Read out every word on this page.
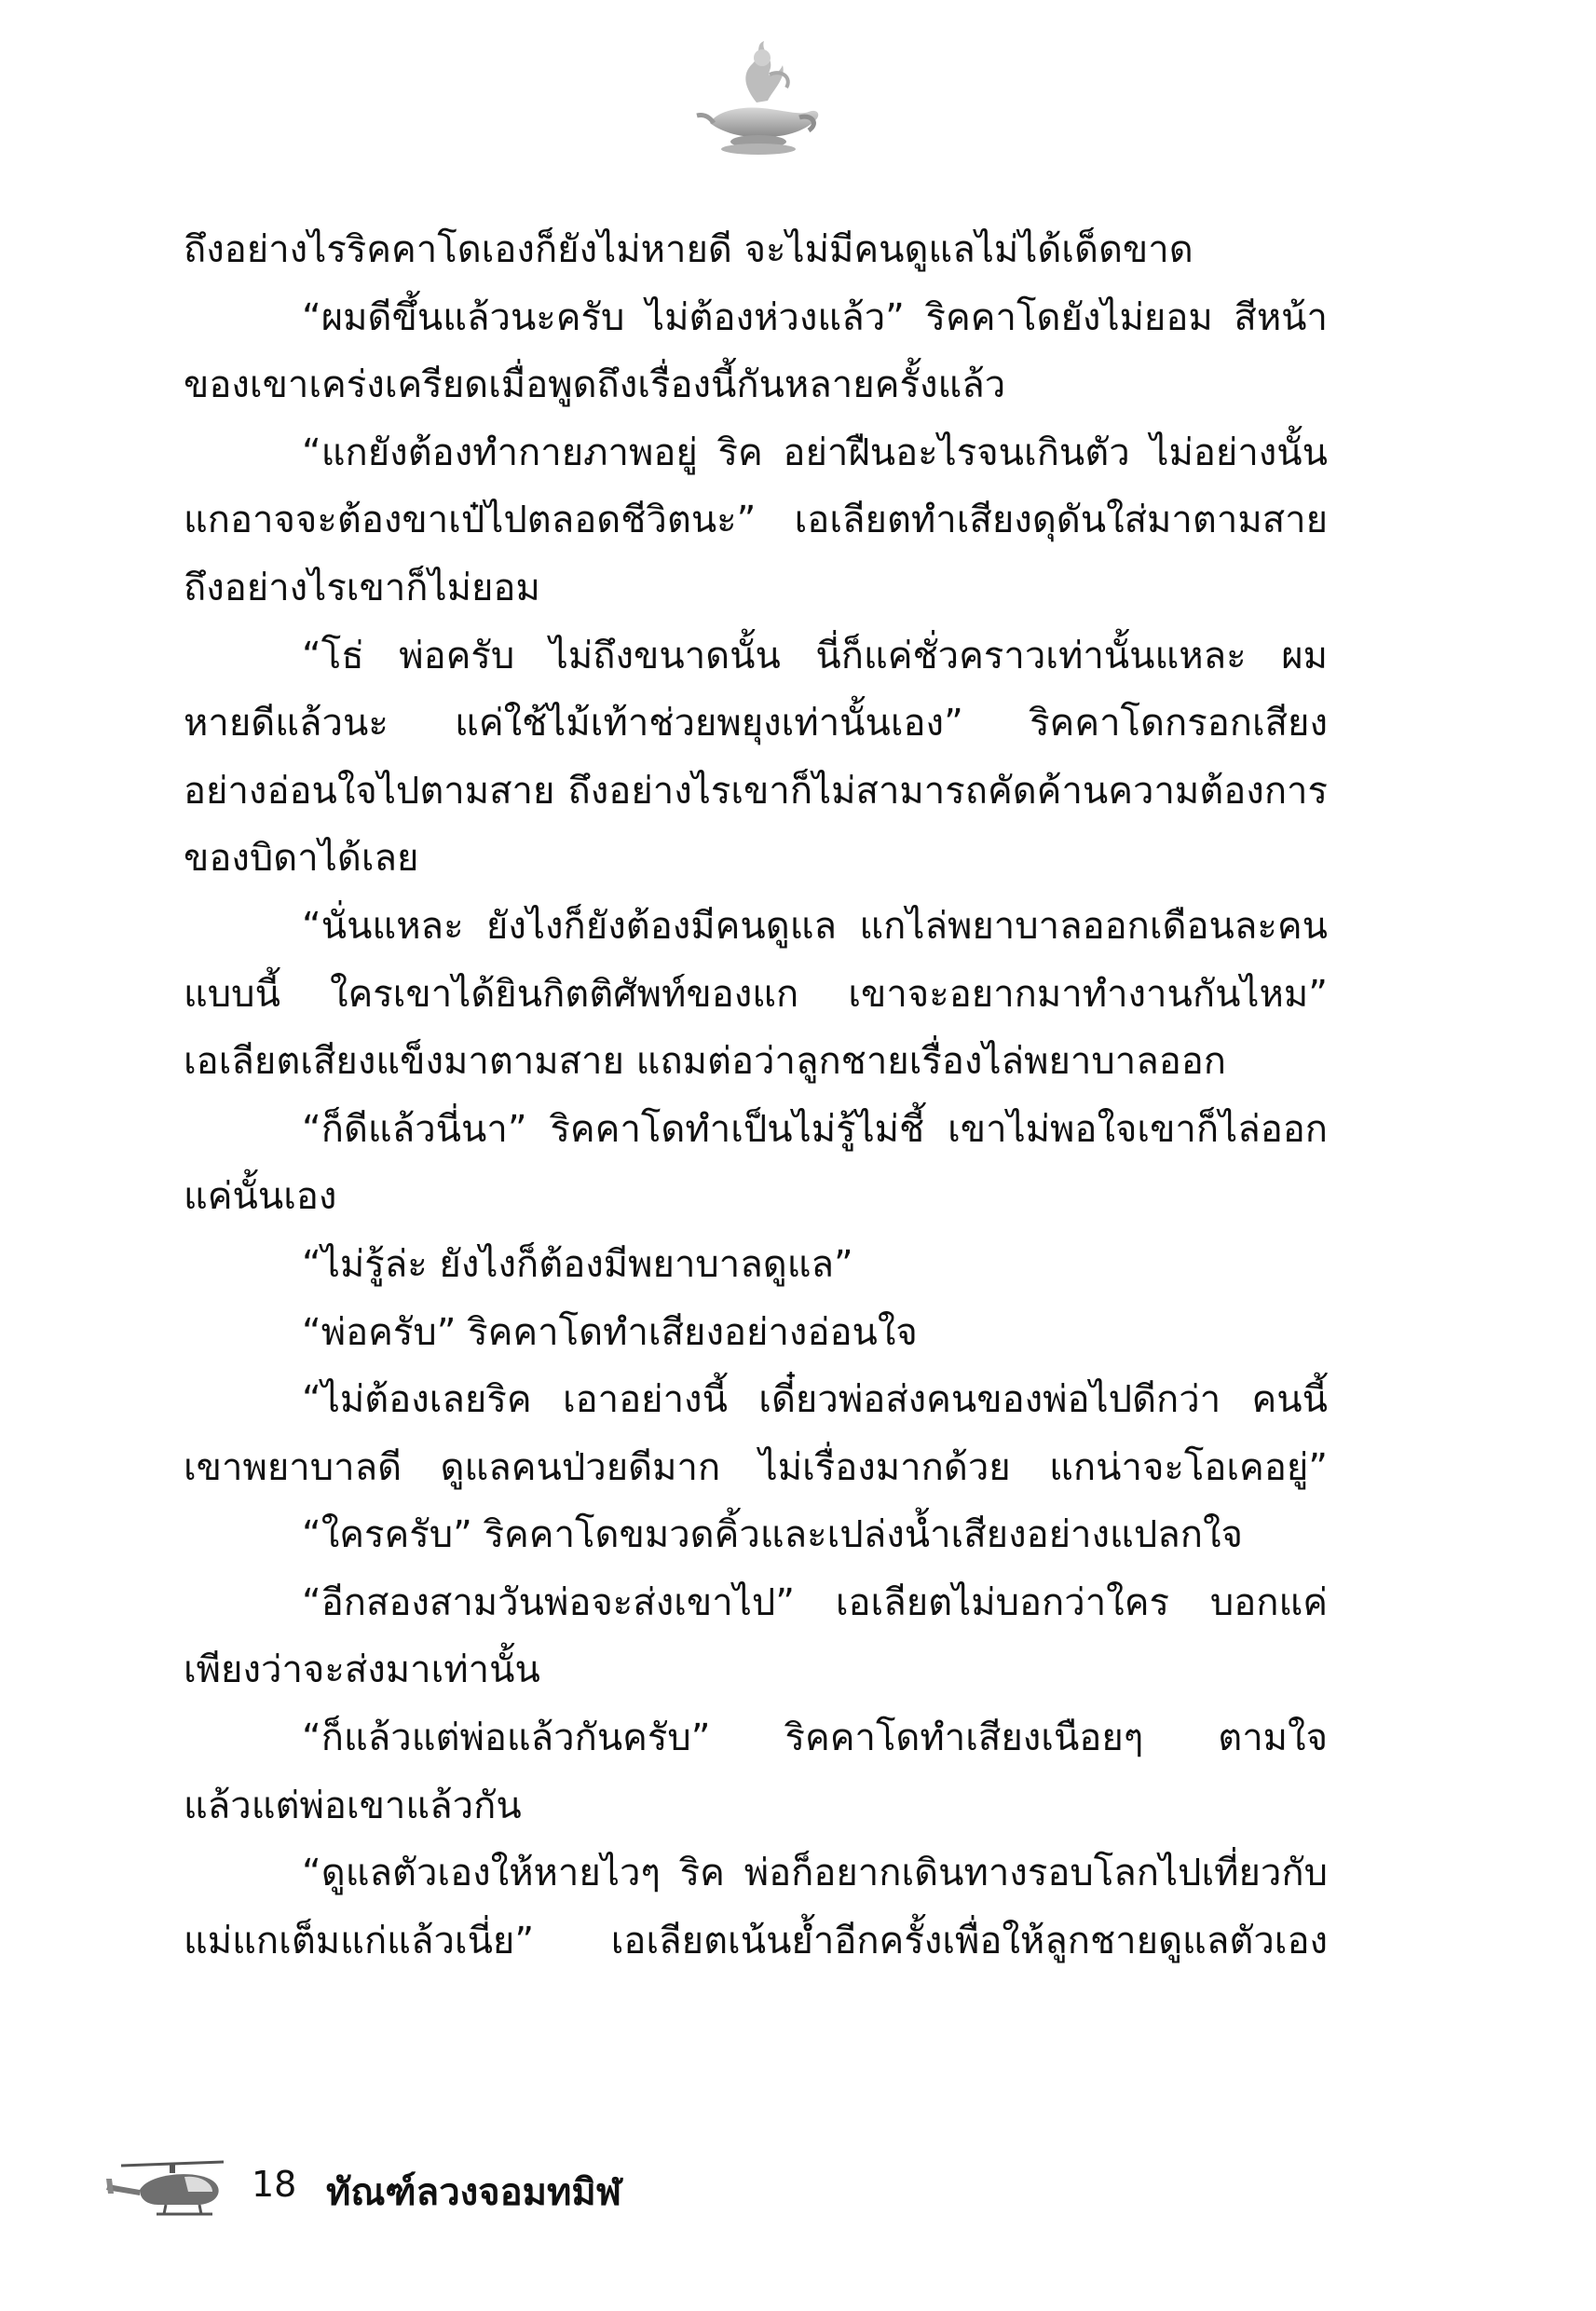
ถึงอย่างไรริคคาโดเองก็ยังไม่หายดี จะไม่มีคนดูแลไม่ได้เด็ดขาด
“ผมดีขึ้นแล้วนะครับ ไม่ต้องห่วงแล้ว” ริคคาโดยังไม่ยอม สีหน้า
ของเขาเคร่งเครียดเมื่อพูดถึงเรื่องนี้กันหลายครั้งแล้ว
“แกยังต้องทำกายภาพอยู่ ริค อย่าฝืนอะไรจนเกินตัว ไม่อย่างนั้น
แกอาจจะต้องขาเป๋ไปตลอดชีวิตนะ” เอเลียตทำเสียงดุดันใส่มาตามสาย
ถึงอย่างไรเขาก็ไม่ยอม
“โธ่ พ่อครับ ไม่ถึงขนาดนั้น นี่ก็แค่ชั่วคราวเท่านั้นแหละ ผม
หายดีแล้วนะ แค่ใช้ไม้เท้าช่วยพยุงเท่านั้นเอง” ริคคาโดกรอกเสียง
อย่างอ่อนใจไปตามสาย ถึงอย่างไรเขาก็ไม่สามารถคัดค้านความต้องการ
ของบิดาได้เลย
“นั่นแหละ ยังไงก็ยังต้องมีคนดูแล แกไล่พยาบาลออกเดือนละคน
แบบนี้ ใครเขาได้ยินกิตติศัพท์ของแก เขาจะอยากมาทำงานกันไหม”
เอเลียตเสียงแข็งมาตามสาย แถมต่อว่าลูกชายเรื่องไล่พยาบาลออก
“ก็ดีแล้วนี่นา” ริคคาโดทำเป็นไม่รู้ไม่ชี้ เขาไม่พอใจเขาก็ไล่ออก
แค่นั้นเอง
“ไม่รู้ล่ะ ยังไงก็ต้องมีพยาบาลดูแล”
“พ่อครับ” ริคคาโดทำเสียงอย่างอ่อนใจ
“ไม่ต้องเลยริค เอาอย่างนี้ เดี๋ยวพ่อส่งคนของพ่อไปดีกว่า คนนี้
เขาพยาบาลดี ดูแลคนป่วยดีมาก ไม่เรื่องมากด้วย แกน่าจะโอเคอยู่”
“ใครครับ” ริคคาโดขมวดคิ้วและเปล่งน้ำเสียงอย่างแปลกใจ
“อีกสองสามวันพ่อจะส่งเขาไป” เอเลียตไม่บอกว่าใคร บอกแค่
เพียงว่าจะส่งมาเท่านั้น
“ก็แล้วแต่พ่อแล้วกันครับ” ริคคาโดทำเสียงเนือยๆ ตามใจ
แล้วแต่พ่อเขาแล้วกัน
“ดูแลตัวเองให้หายไวๆ ริค พ่อก็อยากเดินทางรอบโลกไปเที่ยวกับ
แม่แกเต็มแก่แล้วเนี่ย” เอเลียตเน้นย้ำอีกครั้งเพื่อให้ลูกชายดูแลตัวเอง
18 ทัณฑ์ลวงจอมทมิฬ
